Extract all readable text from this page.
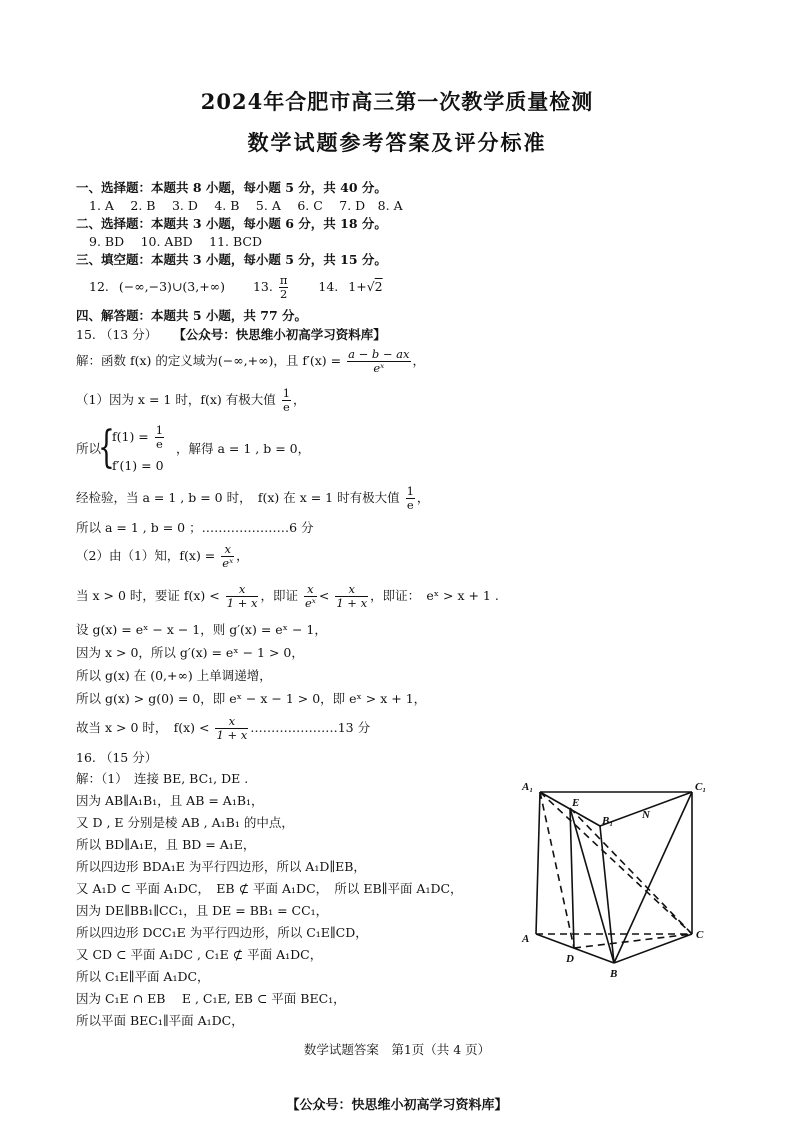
2024年合肥市高三第一次教学质量检测
数学试题参考答案及评分标准
一、选择题：本题共 8 小题，每小题 5 分，共 40 分。
1. A　 2. B　 3. D　 4. B　 5. A　 6. C　 7. D　8. A
二、选择题：本题共 3 小题，每小题 6 分，共 18 分。
9. BD　 10. ABD　 11. BCD
三、填空题：本题共 3 小题，每小题 5 分，共 15 分。
12. (−∞,−3)∪(3,+∞) 13. $\frac{\pi}{2} 14$. 1+√2
四、解答题：本题共 5 小题，共 77 分。
15. （13 分） 【公众号：快思维小初高学习资料库】
解：函数 f(x) 的定义域为(−∞,+∞)，且 $f'(x) = \frac{a - b - ax}{\text{eˣ}}$ ，
（1）因为 x = 1 时，f(x) 有极大值 $\frac{1}{e}$ ，
所以
{
$f(1) = \frac{1}{e}$
f′(1) = 0
，解得 a = 1 , b = 0，
经检验，当 a = 1 , b = 0 时，　f(x) 在 x = 1 时有极大值 $\frac{1}{e}$ ，
所以 a = 1 , b = 0 ；…………………6 分
（2）由（1）知，$f(x) = \frac{x}{\text{eˣ}}$ ，
当 x > 0 时，要证 $f(x) < \frac{x}{1 + x}$ ，即证 $\frac{x}{\text{eˣ}} < \frac{x}{1 + x}$ ，即证：　eˣ > x + 1 .
设 g(x) = eˣ − x − 1，则 g′(x) = eˣ − 1，
因为 x > 0，所以 g′(x) = eˣ − 1 > 0，
所以 g(x) 在 (0,+∞) 上单调递增，
所以 g(x) > g(0) = 0，即 eˣ − x − 1 > 0，即 eˣ > x + 1，
故当 x > 0 时，　$f(x) < \frac{x}{1 + x}$ …………………13 分
16. （15 分）
解：（1）　连接 BE, BC₁, DE .
因为 AB∥A₁B₁，且 AB = A₁B₁，
又 D , E 分别是棱 AB , A₁B₁ 的中点，
所以 BD∥A₁E，且 BD = A₁E，
所以四边形 BDA₁E 为平行四边形，所以 A₁D∥EB，
又 A₁D ⊂ 平面 A₁DC，　EB ⊄ 平面 A₁DC，　所以 EB∥平面 A₁DC，
因为 DE∥BB₁∥CC₁，且 DE = BB₁ = CC₁，
所以四边形 DCC₁E 为平行四边形，所以 C₁E∥CD，
又 CD ⊂ 平面 A₁DC , C₁E ⊄ 平面 A₁DC，
所以 C₁E∥平面 A₁DC，
因为 C₁E ∩ EB　 E , C₁E, EB ⊂ 平面 BEC₁，
所以平面 BEC₁∥平面 A₁DC，
A₁
E
N
C₁
B₁
A
D
C
B
数学试题答案　第1页（共 4 页）
【公众号：快思维小初高学习资料库】
